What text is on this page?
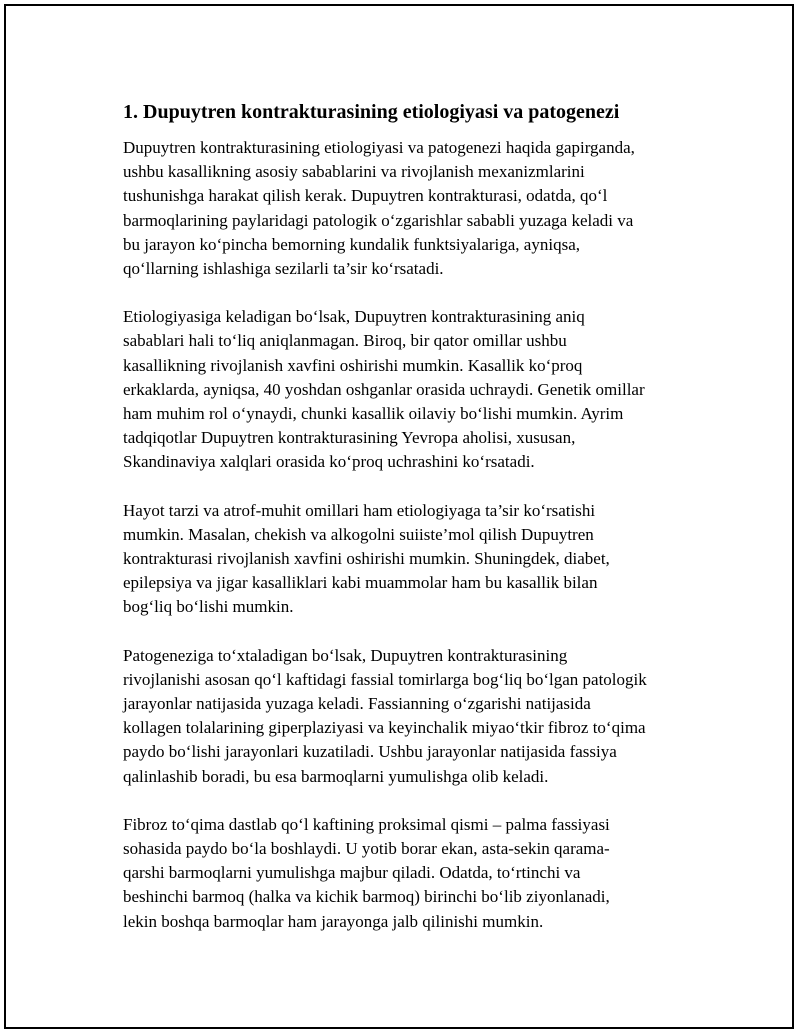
1. Dupuytren kontrakturasining etiologiyasi va patogenezi

Dupuytren kontrakturasining etiologiyasi va patogenezi haqida gapirganda,
ushbu kasallikning asosiy sabablarini va rivojlanish mexanizmlarini
tushunishga harakat qilish kerak. Dupuytren kontrakturasi, odatda, qo‘l
barmoqlarining paylaridagi patologik o‘zgarishlar sababli yuzaga keladi va
bu jarayon ko‘pincha bemorning kundalik funktsiyalariga, ayniqsa,
qo‘llarning ishlashiga sezilarli ta’sir ko‘rsatadi.

Etiologiyasiga keladigan bo‘lsak, Dupuytren kontrakturasining aniq
sabablari hali to‘liq aniqlanmagan. Biroq, bir qator omillar ushbu
kasallikning rivojlanish xavfini oshirishi mumkin. Kasallik ko‘proq
erkaklarda, ayniqsa, 40 yoshdan oshganlar orasida uchraydi. Genetik omillar
ham muhim rol o‘ynaydi, chunki kasallik oilaviy bo‘lishi mumkin. Ayrim
tadqiqotlar Dupuytren kontrakturasining Yevropa aholisi, xususan,
Skandinaviya xalqlari orasida ko‘proq uchrashini ko‘rsatadi.

Hayot tarzi va atrof-muhit omillari ham etiologiyaga ta’sir ko‘rsatishi
mumkin. Masalan, chekish va alkogolni suiiste’mol qilish Dupuytren
kontrakturasi rivojlanish xavfini oshirishi mumkin. Shuningdek, diabet,
epilepsiya va jigar kasalliklari kabi muammolar ham bu kasallik bilan
bog‘liq bo‘lishi mumkin.

Patogeneziga to‘xtaladigan bo‘lsak, Dupuytren kontrakturasining
rivojlanishi asosan qo‘l kaftidagi fassial tomirlarga bog‘liq bo‘lgan patologik
jarayonlar natijasida yuzaga keladi. Fassianning o‘zgarishi natijasida
kollagen tolalarining giperplaziyasi va keyinchalik miyao‘tkir fibroz to‘qima
paydo bo‘lishi jarayonlari kuzatiladi. Ushbu jarayonlar natijasida fassiya
qalinlashib boradi, bu esa barmoqlarni yumulishga olib keladi.

Fibroz to‘qima dastlab qo‘l kaftining proksimal qismi – palma fassiyasi
sohasida paydo bo‘la boshlaydi. U yotib borar ekan, asta-sekin qarama-
qarshi barmoqlarni yumulishga majbur qiladi. Odatda, to‘rtinchi va
beshinchi barmoq (halka va kichik barmoq) birinchi bo‘lib ziyonlanadi,
lekin boshqa barmoqlar ham jarayonga jalb qilinishi mumkin.
